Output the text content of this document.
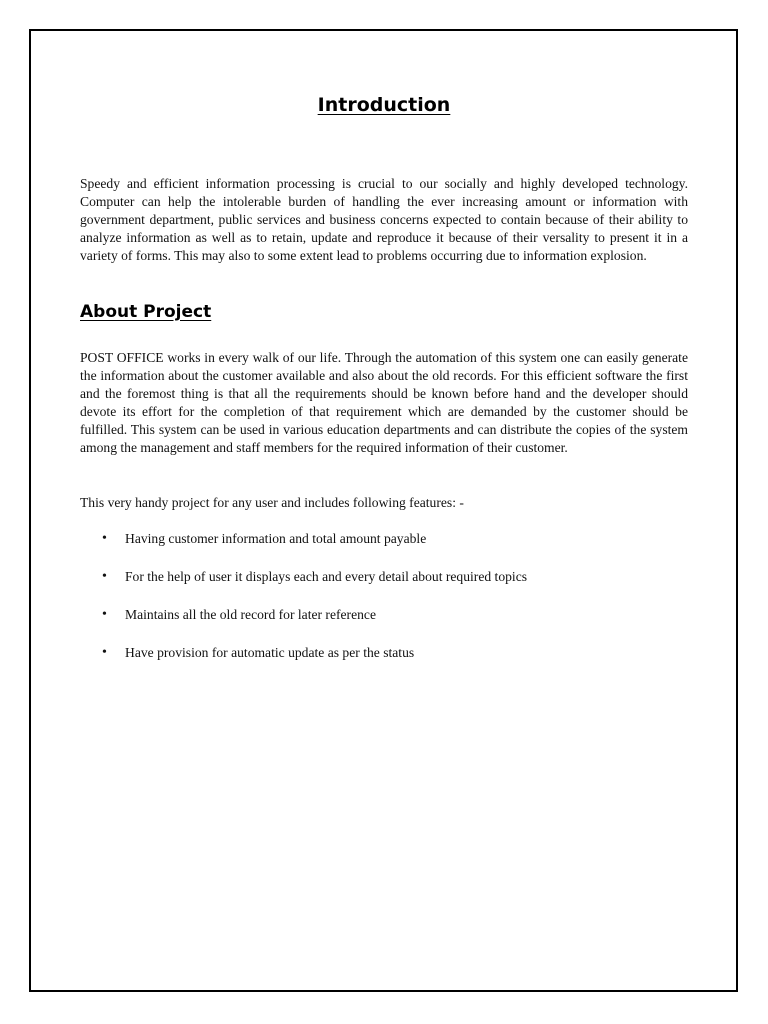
Introduction

Speedy and efficient information processing is crucial to our socially and highly developed technology. Computer can help the intolerable burden of handling the ever increasing amount or information with government department, public services and business concerns expected to contain because of their ability to analyze information as well as to retain, update and reproduce it because of their versality to present it in a variety of forms. This may also to some extent lead to problems occurring due to information explosion.

About Project

POST OFFICE works in every walk of our life. Through the automation of this system one can easily generate the information about the customer available and also about the old records. For this efficient software the first and the foremost thing is that all the requirements should be known before hand and the developer should devote its effort for the completion of that requirement which are demanded by the customer should be fulfilled. This system can be used in various education departments and can distribute the copies of the system among the management and staff members for the required information of their customer.

This very handy project for any user and includes following features: -

• Having customer information and total amount payable
• For the help of user it displays each and every detail about required topics
• Maintains all the old record for later reference
• Have provision for automatic update as per the status
